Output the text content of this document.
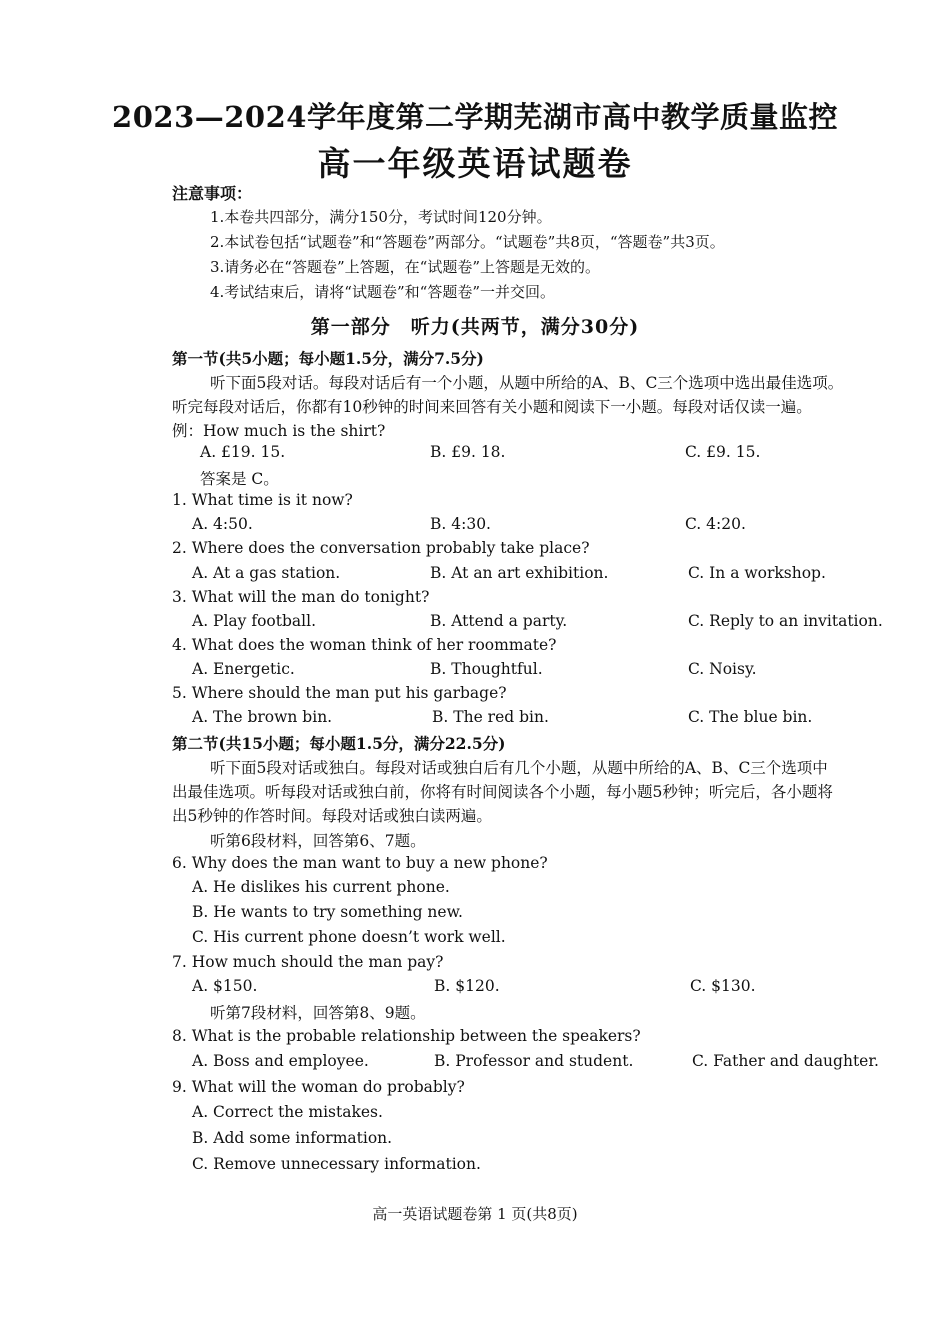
2023—2024学年度第二学期芜湖市高中教学质量监控
高一年级英语试题卷
注意事项：
1.本卷共四部分，满分150分，考试时间120分钟。
2.本试卷包括“试题卷”和“答题卷”两部分。“试题卷”共8页，“答题卷”共3页。
3.请务必在“答题卷”上答题，在“试题卷”上答题是无效的。
4.考试结束后，请将“试题卷”和“答题卷”一并交回。
第一部分　听力(共两节，满分30分)
第一节(共5小题；每小题1.5分，满分7.5分)
听下面5段对话。每段对话后有一个小题，从题中所给的A、B、C三个选项中选出最佳选项。
听完每段对话后，你都有10秒钟的时间来回答有关小题和阅读下一小题。每段对话仅读一遍。
例：How much is the shirt?
A. £19. 15.	B. £9. 18.	C. £9. 15.
答案是 C。
1. What time is it now?
A. 4:50.	B. 4:30.	C. 4:20.
2. Where does the conversation probably take place?
A. At a gas station.	B. At an art exhibition.	C. In a workshop.
3. What will the man do tonight?
A. Play football.	B. Attend a party.	C. Reply to an invitation.
4. What does the woman think of her roommate?
A. Energetic.	B. Thoughtful.	C. Noisy.
5. Where should the man put his garbage?
A. The brown bin.	B. The red bin.	C. The blue bin.
第二节(共15小题；每小题1.5分，满分22.5分)
听下面5段对话或独白。每段对话或独白后有几个小题，从题中所给的A、B、C三个选项中
出最佳选项。听每段对话或独白前，你将有时间阅读各个小题，每小题5秒钟；听完后，各小题将
出5秒钟的作答时间。每段对话或独白读两遍。
听第6段材料，回答第6、7题。
6. Why does the man want to buy a new phone?
A. He dislikes his current phone.
B. He wants to try something new.
C. His current phone doesn’t work well.
7. How much should the man pay?
A. $150.	B. $120.	C. $130.
听第7段材料，回答第8、9题。
8. What is the probable relationship between the speakers?
A. Boss and employee.	B. Professor and student.	C. Father and daughter.
9. What will the woman do probably?
A. Correct the mistakes.
B. Add some information.
C. Remove unnecessary information.
高一英语试题卷第 1 页(共8页)
